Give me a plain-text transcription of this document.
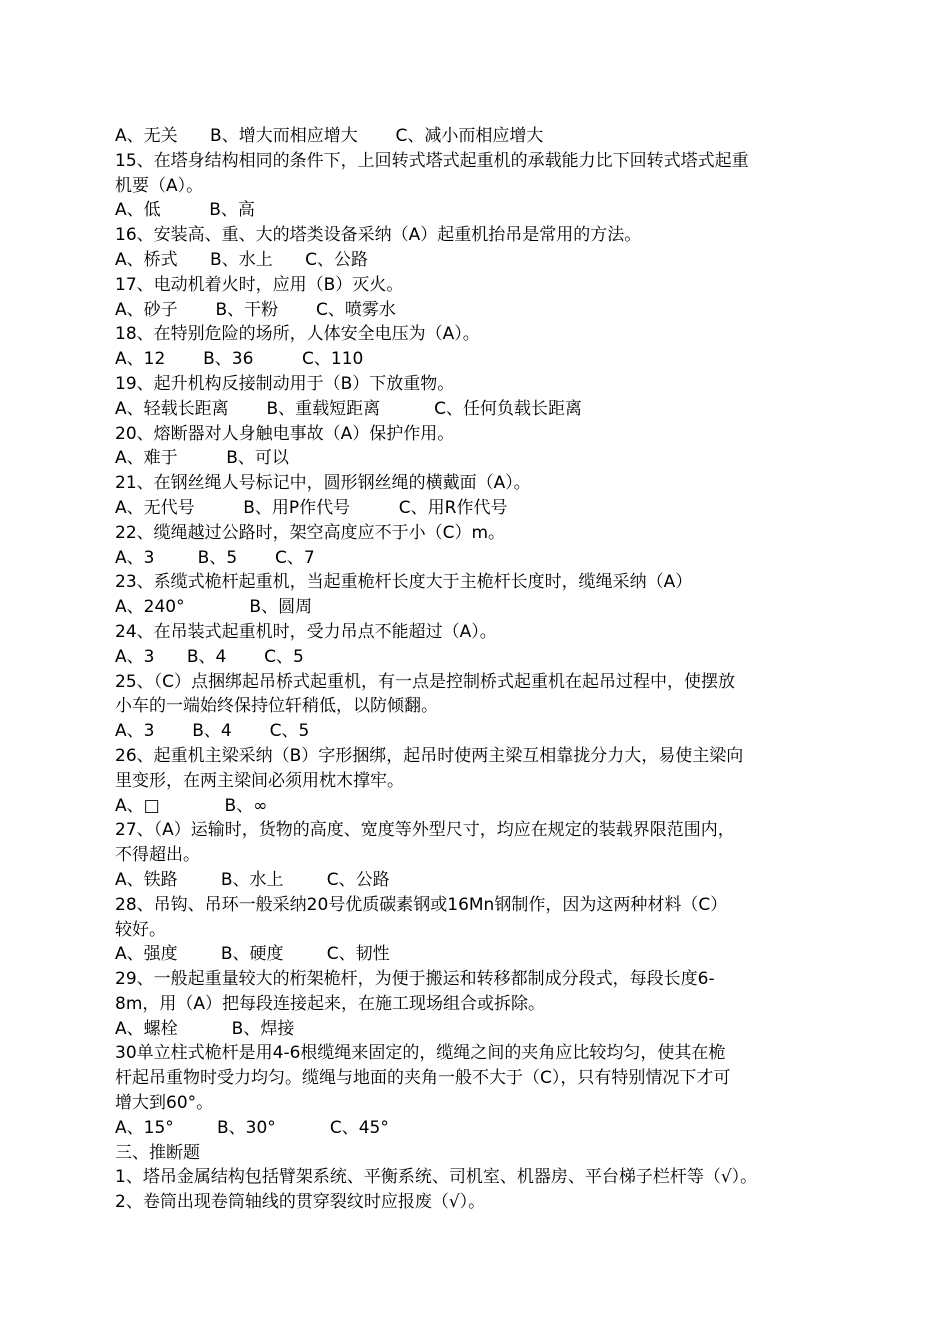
A、无关      B、增大而相应增大       C、减小而相应增大
15、在塔身结构相同的条件下，上回转式塔式起重机的承载能力比下回转式塔式起重
机要（A）。
A、低         B、高
16、安装高、重、大的塔类设备采纳（A）起重机抬吊是常用的方法。
A、桥式      B、水上      C、公路
17、电动机着火时，应用（B）灭火。
A、砂子       B、干粉       C、喷雾水
18、在特别危险的场所，人体安全电压为（A）。
A、12       B、36         C、110
19、起升机构反接制动用于（B）下放重物。
A、轻载长距离       B、重载短距离          C、任何负载长距离
20、熔断器对人身触电事故（A）保护作用。
A、难于         B、可以
21、在钢丝绳人号标记中，圆形钢丝绳的横戴面（A）。
A、无代号         B、用P作代号         C、用R作代号
22、缆绳越过公路时，架空高度应不于小（C）m。
A、3        B、5       C、7
23、系缆式桅杆起重机，当起重桅杆长度大于主桅杆长度时，缆绳采纳（A）
A、240°            B、圆周
24、在吊装式起重机时，受力吊点不能超过（A）。
A、3      B、4       C、5
25、（C）点捆绑起吊桥式起重机，有一点是控制桥式起重机在起吊过程中，使摆放
小车的一端始终保持位轩稍低，以防倾翻。
A、3       B、4       C、5
26、起重机主梁采纳（B）字形捆绑，起吊时使两主梁互相靠拢分力大，易使主梁向
里变形，在两主梁间必须用枕木撑牢。
A、□            B、∞
27、（A）运输时，货物的高度、宽度等外型尺寸，均应在规定的装载界限范围内，
不得超出。
A、铁路        B、水上        C、公路
28、吊钩、吊环一般采纳20号优质碳素钢或16Mn钢制作，因为这两种材料（C）
较好。
A、强度        B、硬度        C、韧性
29、一般起重量较大的桁架桅杆，为便于搬运和转移都制成分段式，每段长度6-
8m，用（A）把每段连接起来，在施工现场组合或拆除。
A、螺栓          B、焊接
30单立柱式桅杆是用4-6根缆绳来固定的，缆绳之间的夹角应比较均匀，使其在桅
杆起吊重物时受力均匀。缆绳与地面的夹角一般不大于（C），只有特别情况下才可
增大到60°。
A、15°        B、30°          C、45°
三、推断题
1、塔吊金属结构包括臂架系统、平衡系统、司机室、机器房、平台梯子栏杆等（√）。
2、卷筒出现卷筒轴线的贯穿裂纹时应报废（√）。
